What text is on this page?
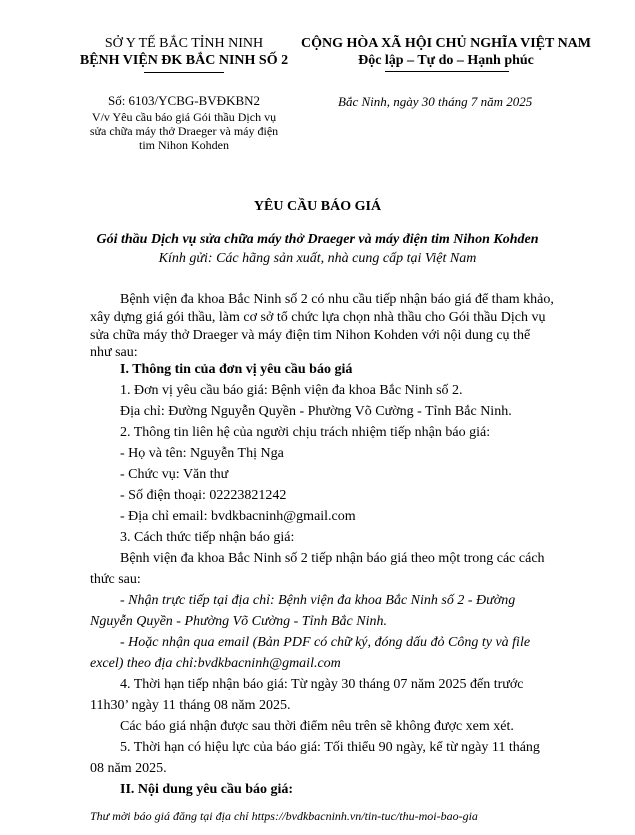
SỞ Y TẾ BẮC TỈNH NINH
BỆNH VIỆN ĐK BẮC NINH SỐ 2
CỘNG HÒA XÃ HỘI CHỦ NGHĨA VIỆT NAM
Độc lập – Tự do – Hạnh phúc
Số: 6103/YCBG-BVĐKBN2
V/v Yêu cầu báo giá Gói thầu Dịch vụ
sửa chữa máy thở Draeger và máy điện
tim Nihon Kohden
Bắc Ninh, ngày 30 tháng 7 năm 2025
YÊU CẦU BÁO GIÁ
Gói thầu Dịch vụ sửa chữa máy thở Draeger và máy điện tim Nihon Kohden
Kính gửi: Các hãng sản xuất, nhà cung cấp tại Việt Nam
Bệnh viện đa khoa Bắc Ninh số 2 có nhu cầu tiếp nhận báo giá để tham khảo,
xây dựng giá gói thầu, làm cơ sở tổ chức lựa chọn nhà thầu cho Gói thầu Dịch vụ
sửa chữa máy thở Draeger và máy điện tim Nihon Kohden với nội dung cụ thể
như sau:
I. Thông tin của đơn vị yêu cầu báo giá
1. Đơn vị yêu cầu báo giá: Bệnh viện đa khoa Bắc Ninh số 2.
Địa chỉ: Đường Nguyễn Quyền - Phường Võ Cường - Tỉnh Bắc Ninh.
2. Thông tin liên hệ của người chịu trách nhiệm tiếp nhận báo giá:
- Họ và tên: Nguyễn Thị Nga
- Chức vụ: Văn thư
- Số điện thoại: 02223821242
- Địa chỉ email: bvdkbacninh@gmail.com
3. Cách thức tiếp nhận báo giá:
Bệnh viện đa khoa Bắc Ninh số 2 tiếp nhận báo giá theo một trong các cách
thức sau:
- Nhận trực tiếp tại địa chỉ: Bệnh viện đa khoa Bắc Ninh số 2 - Đường
Nguyễn Quyền - Phường Võ Cường - Tỉnh Bắc Ninh.
- Hoặc nhận qua email (Bản PDF có chữ ký, đóng dấu đỏ Công ty và file
excel) theo địa chỉ:bvdkbacninh@gmail.com
4. Thời hạn tiếp nhận báo giá: Từ ngày 30 tháng 07 năm 2025 đến trước
11h30’ ngày 11 tháng 08 năm 2025.
Các báo giá nhận được sau thời điểm nêu trên sẽ không được xem xét.
5. Thời hạn có hiệu lực của báo giá: Tối thiểu 90 ngày, kể từ ngày 11 tháng
08 năm 2025.
II. Nội dung yêu cầu báo giá:
Thư mời báo giá đăng tại địa chỉ https://bvdkbacninh.vn/tin-tuc/thu-moi-bao-gia
